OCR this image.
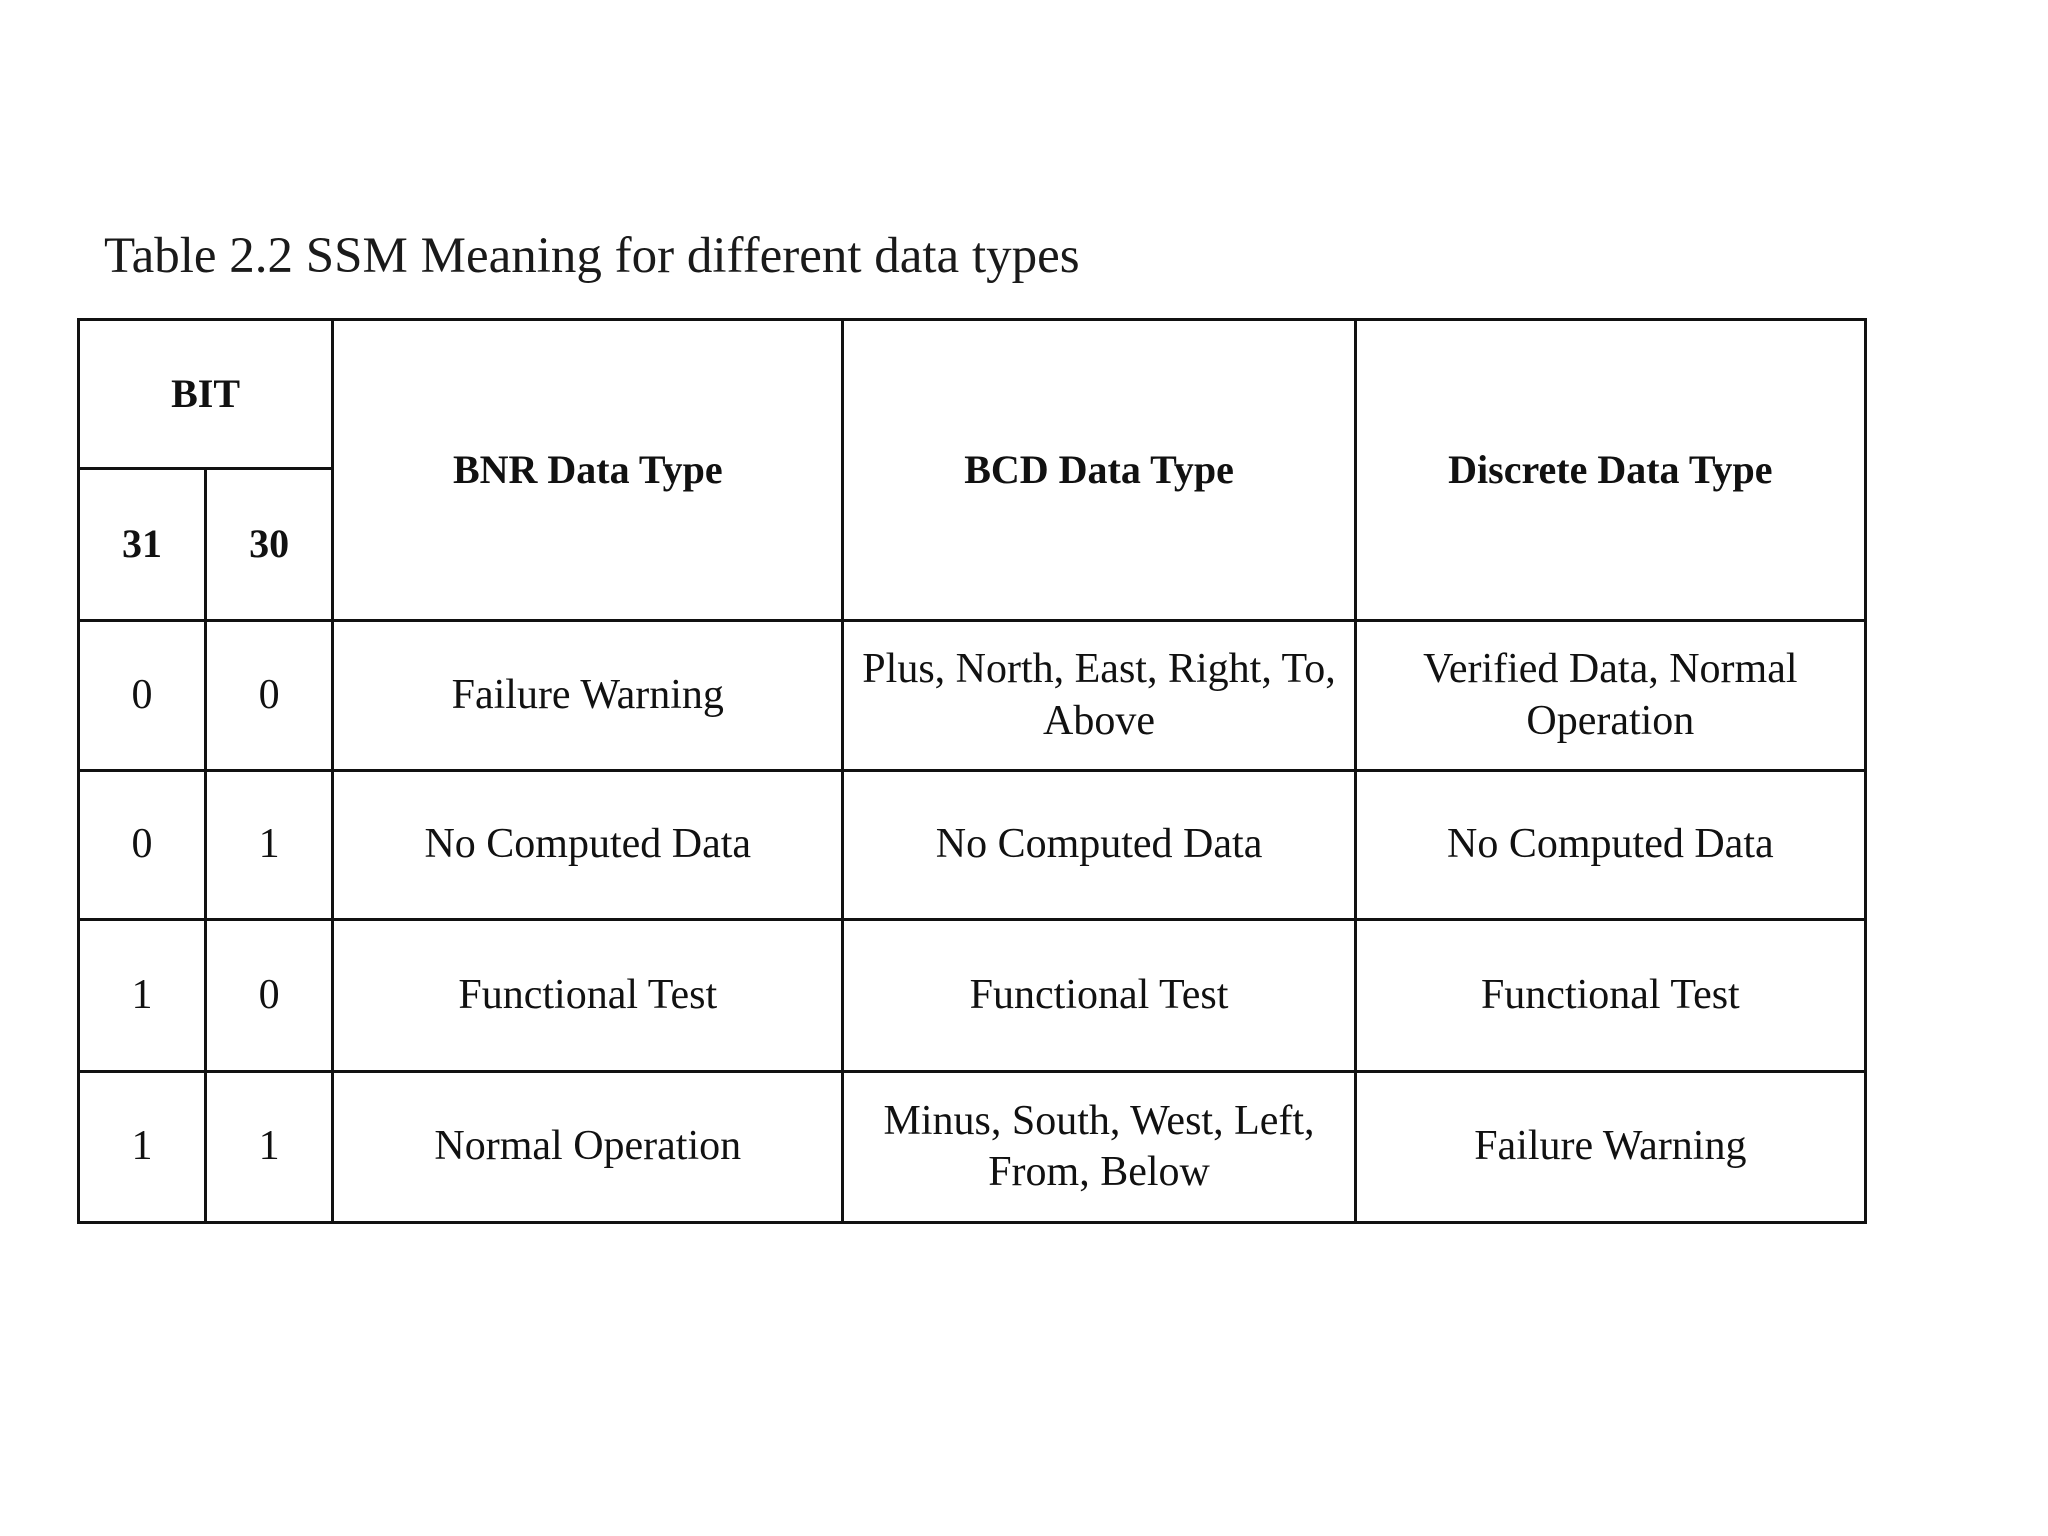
Table 2.2 SSM Meaning for different data types
BIT		BNR Data Type	BCD Data Type	Discrete Data Type
31	30			
0	0	Failure Warning	Plus, North, East, Right, To, Above	Verified Data, Normal Operation
0	1	No Computed Data	No Computed Data	No Computed Data
1	0	Functional Test	Functional Test	Functional Test
1	1	Normal Operation	Minus, South, West, Left, From, Below	Failure Warning
